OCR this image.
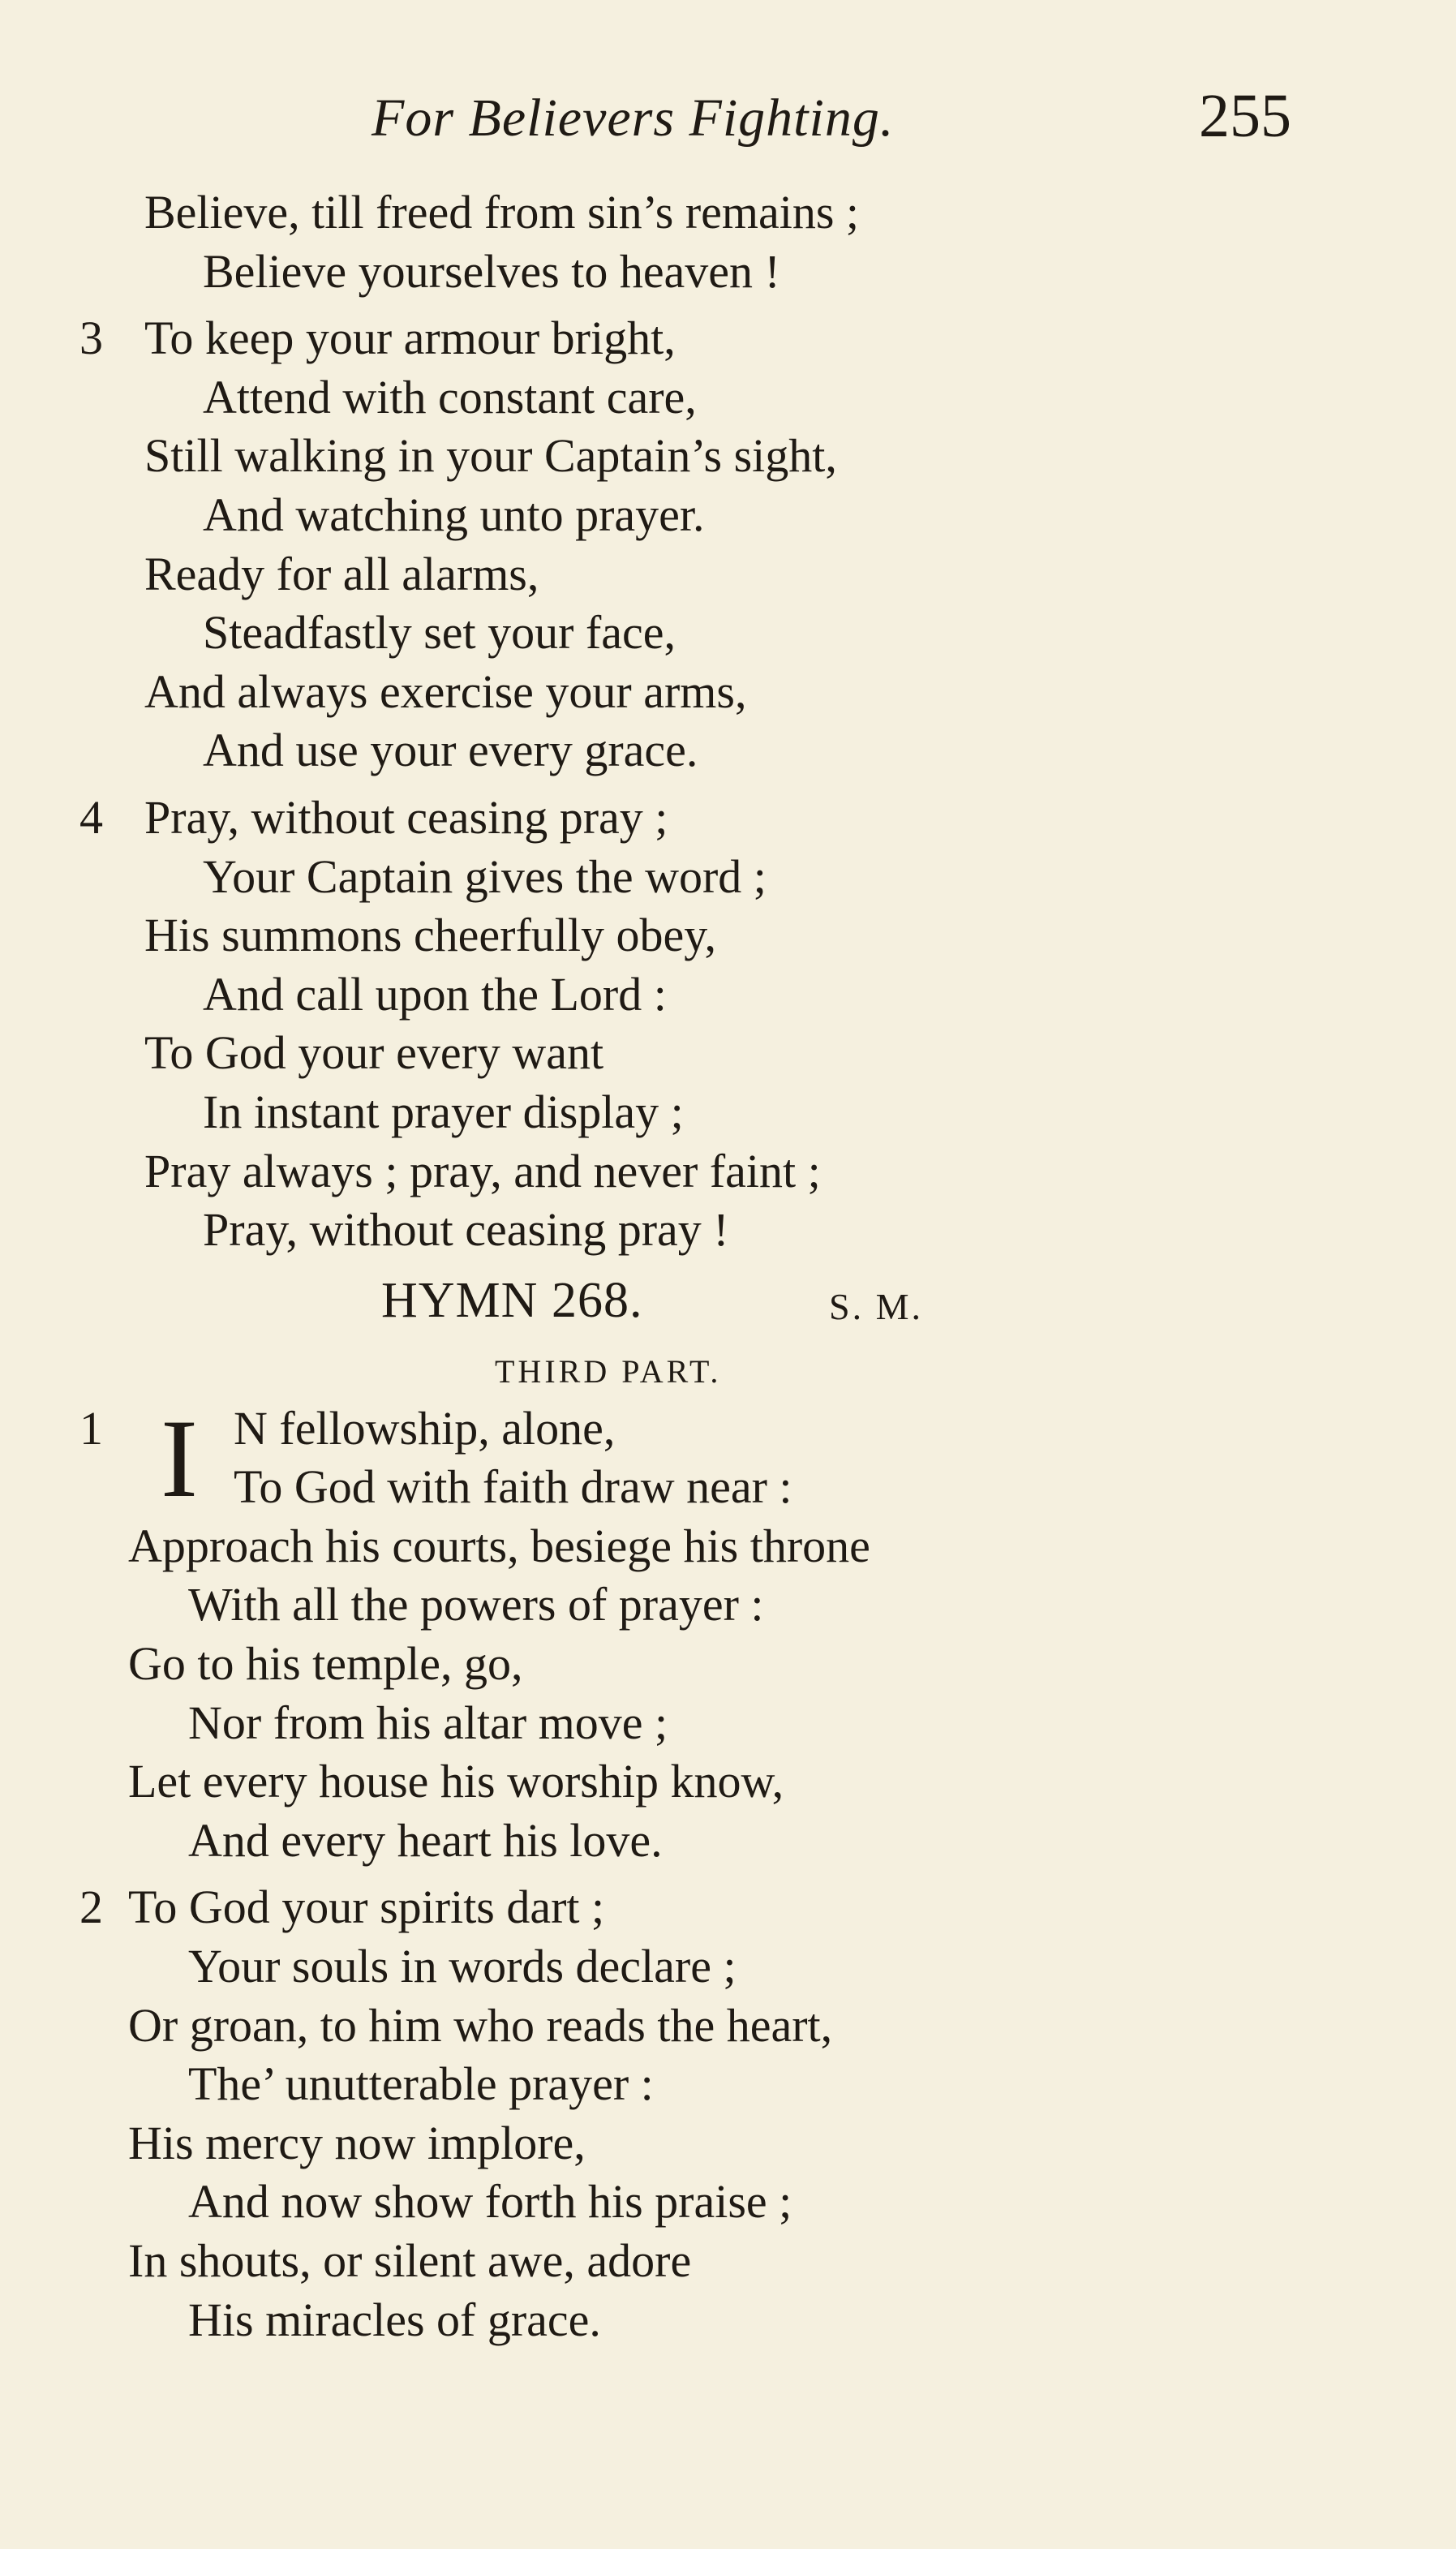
For Believers Fighting.	255
Believe, till freed from sin’s remains ;
Believe yourselves to heaven !
3 To keep your armour bright,
Attend with constant care,
Still walking in your Captain’s sight,
And watching unto prayer.
Ready for all alarms,
Steadfastly set your face,
And always exercise your arms,
And use your every grace.
4 Pray, without ceasing pray ;
Your Captain gives the word ;
His summons cheerfully obey,
And call upon the Lord :
To God your every want
In instant prayer display ;
Pray always ; pray, and never faint ;
Pray, without ceasing pray !
HYMN 268.	S. M.
THIRD PART.
I
1	N fellowship, alone,
To God with faith draw near :
Approach his courts, besiege his throne
With all the powers of prayer :
Go to his temple, go,
Nor from his altar move ;
Let every house his worship know,
And every heart his love.
2 To God your spirits dart ;
Your souls in words declare ;
Or groan, to him who reads the heart,
The’ unutterable prayer :
His mercy now implore,
And now show forth his praise ;
In shouts, or silent awe, adore
His miracles of grace.
